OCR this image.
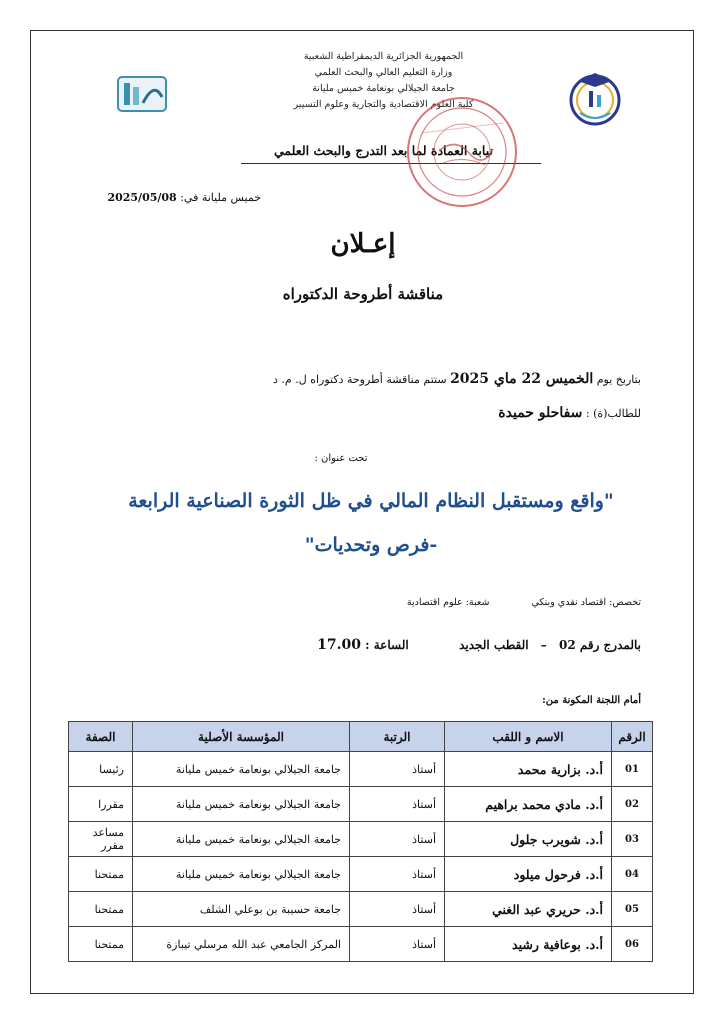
الجمهورية الجزائرية الديمقراطية الشعبية
وزارة التعليم العالي والبحث العلمي
جامعة الجيلالي بونعامة خميس مليانة
كلية العلوم الاقتصادية والتجارية وعلوم التسيير
نيابة العمادة لما بعد التدرج والبحث العلمي
خميس مليانة في: 2025/05/08
إعـلان
مناقشة أطروحة الدكتوراه
بتاريخ يوم الخميس 22 ماي 2025 ستتم مناقشة أطروحة دكتوراه ل. م. د
للطالب(ة) : سفاحلو حميدة
تحت عنوان :
"واقع ومستقبل النظام المالي في ظل الثورة الصناعية الرابعة
-فرص وتحديات"
تخصص: اقتصاد نقدي وبنكي  شعبة: علوم اقتصادية
بالمدرج رقم 02 – القطب الجديد  الساعة : 17.00
أمام اللجنة المكونة من:
الرقم	الاسم و اللقب	الرتبة	المؤسسة الأصلية	الصفة
01	أ.د. بزارية محمد	أستاذ	جامعة الجيلالي بونعامة خميس مليانة	رئيسا
02	أ.د. مادي محمد براهيم	أستاذ	جامعة الجيلالي بونعامة خميس مليانة	مقررا
03	أ.د. شويرب جلول	أستاذ	جامعة الجيلالي بونعامة خميس مليانة	مساعد مقرر
04	أ.د. فرحول ميلود	أستاذ	جامعة الجيلالي بونعامة خميس مليانة	ممتحنا
05	أ.د. حريري عبد الغني	أستاذ	جامعة حسيبة بن بوعلي الشلف	ممتحنا
06	أ.د. بوعافية رشيد	أستاذ	المركز الجامعي عبد الله مرسلي تيبازة	ممتحنا
